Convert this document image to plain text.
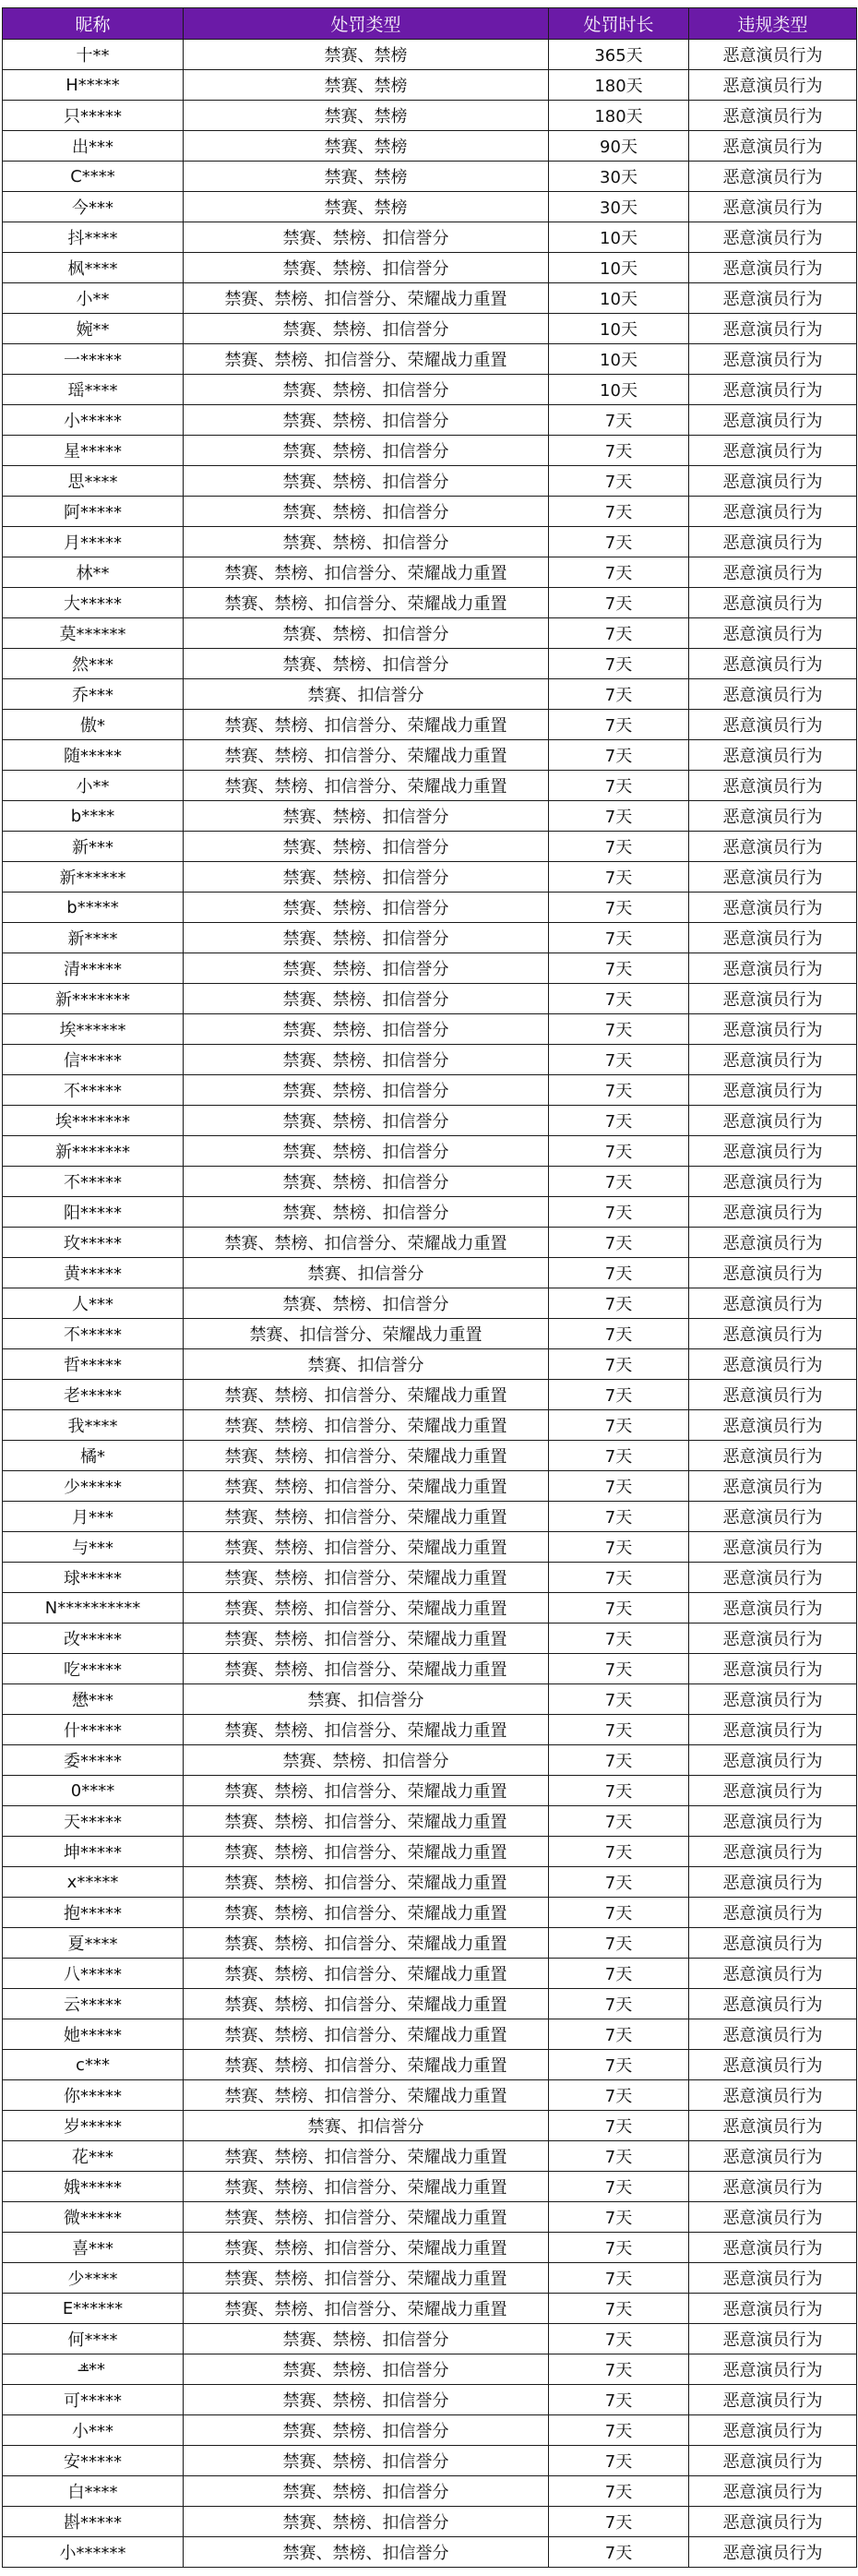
昵称	处罚类型	处罚时长	违规类型
十**	禁赛、禁榜	365天	恶意演员行为
H*****	禁赛、禁榜	180天	恶意演员行为
只*****	禁赛、禁榜	180天	恶意演员行为
出***	禁赛、禁榜	90天	恶意演员行为
C****	禁赛、禁榜	30天	恶意演员行为
今***	禁赛、禁榜	30天	恶意演员行为
抖****	禁赛、禁榜、扣信誉分	10天	恶意演员行为
枫****	禁赛、禁榜、扣信誉分	10天	恶意演员行为
小**	禁赛、禁榜、扣信誉分、荣耀战力重置	10天	恶意演员行为
婉**	禁赛、禁榜、扣信誉分	10天	恶意演员行为
一*****	禁赛、禁榜、扣信誉分、荣耀战力重置	10天	恶意演员行为
瑶****	禁赛、禁榜、扣信誉分	10天	恶意演员行为
小*****	禁赛、禁榜、扣信誉分	7天	恶意演员行为
星*****	禁赛、禁榜、扣信誉分	7天	恶意演员行为
思****	禁赛、禁榜、扣信誉分	7天	恶意演员行为
阿*****	禁赛、禁榜、扣信誉分	7天	恶意演员行为
月*****	禁赛、禁榜、扣信誉分	7天	恶意演员行为
林**	禁赛、禁榜、扣信誉分、荣耀战力重置	7天	恶意演员行为
大*****	禁赛、禁榜、扣信誉分、荣耀战力重置	7天	恶意演员行为
莫******	禁赛、禁榜、扣信誉分	7天	恶意演员行为
然***	禁赛、禁榜、扣信誉分	7天	恶意演员行为
乔***	禁赛、扣信誉分	7天	恶意演员行为
傲*	禁赛、禁榜、扣信誉分、荣耀战力重置	7天	恶意演员行为
随*****	禁赛、禁榜、扣信誉分、荣耀战力重置	7天	恶意演员行为
小**	禁赛、禁榜、扣信誉分、荣耀战力重置	7天	恶意演员行为
b****	禁赛、禁榜、扣信誉分	7天	恶意演员行为
新***	禁赛、禁榜、扣信誉分	7天	恶意演员行为
新******	禁赛、禁榜、扣信誉分	7天	恶意演员行为
b*****	禁赛、禁榜、扣信誉分	7天	恶意演员行为
新****	禁赛、禁榜、扣信誉分	7天	恶意演员行为
清*****	禁赛、禁榜、扣信誉分	7天	恶意演员行为
新*******	禁赛、禁榜、扣信誉分	7天	恶意演员行为
埃******	禁赛、禁榜、扣信誉分	7天	恶意演员行为
信*****	禁赛、禁榜、扣信誉分	7天	恶意演员行为
不*****	禁赛、禁榜、扣信誉分	7天	恶意演员行为
埃*******	禁赛、禁榜、扣信誉分	7天	恶意演员行为
新*******	禁赛、禁榜、扣信誉分	7天	恶意演员行为
不*****	禁赛、禁榜、扣信誉分	7天	恶意演员行为
阳*****	禁赛、禁榜、扣信誉分	7天	恶意演员行为
玫*****	禁赛、禁榜、扣信誉分、荣耀战力重置	7天	恶意演员行为
黄*****	禁赛、扣信誉分	7天	恶意演员行为
人***	禁赛、禁榜、扣信誉分	7天	恶意演员行为
不*****	禁赛、扣信誉分、荣耀战力重置	7天	恶意演员行为
哲*****	禁赛、扣信誉分	7天	恶意演员行为
老*****	禁赛、禁榜、扣信誉分、荣耀战力重置	7天	恶意演员行为
我****	禁赛、禁榜、扣信誉分、荣耀战力重置	7天	恶意演员行为
橘*	禁赛、禁榜、扣信誉分、荣耀战力重置	7天	恶意演员行为
少*****	禁赛、禁榜、扣信誉分、荣耀战力重置	7天	恶意演员行为
月***	禁赛、禁榜、扣信誉分、荣耀战力重置	7天	恶意演员行为
与***	禁赛、禁榜、扣信誉分、荣耀战力重置	7天	恶意演员行为
球*****	禁赛、禁榜、扣信誉分、荣耀战力重置	7天	恶意演员行为
N**********	禁赛、禁榜、扣信誉分、荣耀战力重置	7天	恶意演员行为
改*****	禁赛、禁榜、扣信誉分、荣耀战力重置	7天	恶意演员行为
吃*****	禁赛、禁榜、扣信誉分、荣耀战力重置	7天	恶意演员行为
懋***	禁赛、扣信誉分	7天	恶意演员行为
什*****	禁赛、禁榜、扣信誉分、荣耀战力重置	7天	恶意演员行为
委*****	禁赛、禁榜、扣信誉分	7天	恶意演员行为
0****	禁赛、禁榜、扣信誉分、荣耀战力重置	7天	恶意演员行为
天*****	禁赛、禁榜、扣信誉分、荣耀战力重置	7天	恶意演员行为
坤*****	禁赛、禁榜、扣信誉分、荣耀战力重置	7天	恶意演员行为
x*****	禁赛、禁榜、扣信誉分、荣耀战力重置	7天	恶意演员行为
抱*****	禁赛、禁榜、扣信誉分、荣耀战力重置	7天	恶意演员行为
夏****	禁赛、禁榜、扣信誉分、荣耀战力重置	7天	恶意演员行为
八*****	禁赛、禁榜、扣信誉分、荣耀战力重置	7天	恶意演员行为
云*****	禁赛、禁榜、扣信誉分、荣耀战力重置	7天	恶意演员行为
她*****	禁赛、禁榜、扣信誉分、荣耀战力重置	7天	恶意演员行为
c***	禁赛、禁榜、扣信誉分、荣耀战力重置	7天	恶意演员行为
你*****	禁赛、禁榜、扣信誉分、荣耀战力重置	7天	恶意演员行为
岁*****	禁赛、扣信誉分	7天	恶意演员行为
花***	禁赛、禁榜、扣信誉分、荣耀战力重置	7天	恶意演员行为
娥*****	禁赛、禁榜、扣信誉分、荣耀战力重置	7天	恶意演员行为
微*****	禁赛、禁榜、扣信誉分、荣耀战力重置	7天	恶意演员行为
喜***	禁赛、禁榜、扣信誉分、荣耀战力重置	7天	恶意演员行为
少****	禁赛、禁榜、扣信誉分、荣耀战力重置	7天	恶意演员行为
E******	禁赛、禁榜、扣信誉分、荣耀战力重置	7天	恶意演员行为
何****	禁赛、禁榜、扣信誉分	7天	恶意演员行为
*̶**	禁赛、禁榜、扣信誉分	7天	恶意演员行为
可*****	禁赛、禁榜、扣信誉分	7天	恶意演员行为
小***	禁赛、禁榜、扣信誉分	7天	恶意演员行为
安*****	禁赛、禁榜、扣信誉分	7天	恶意演员行为
白****	禁赛、禁榜、扣信誉分	7天	恶意演员行为
斟*****	禁赛、禁榜、扣信誉分	7天	恶意演员行为
小******	禁赛、禁榜、扣信誉分	7天	恶意演员行为
